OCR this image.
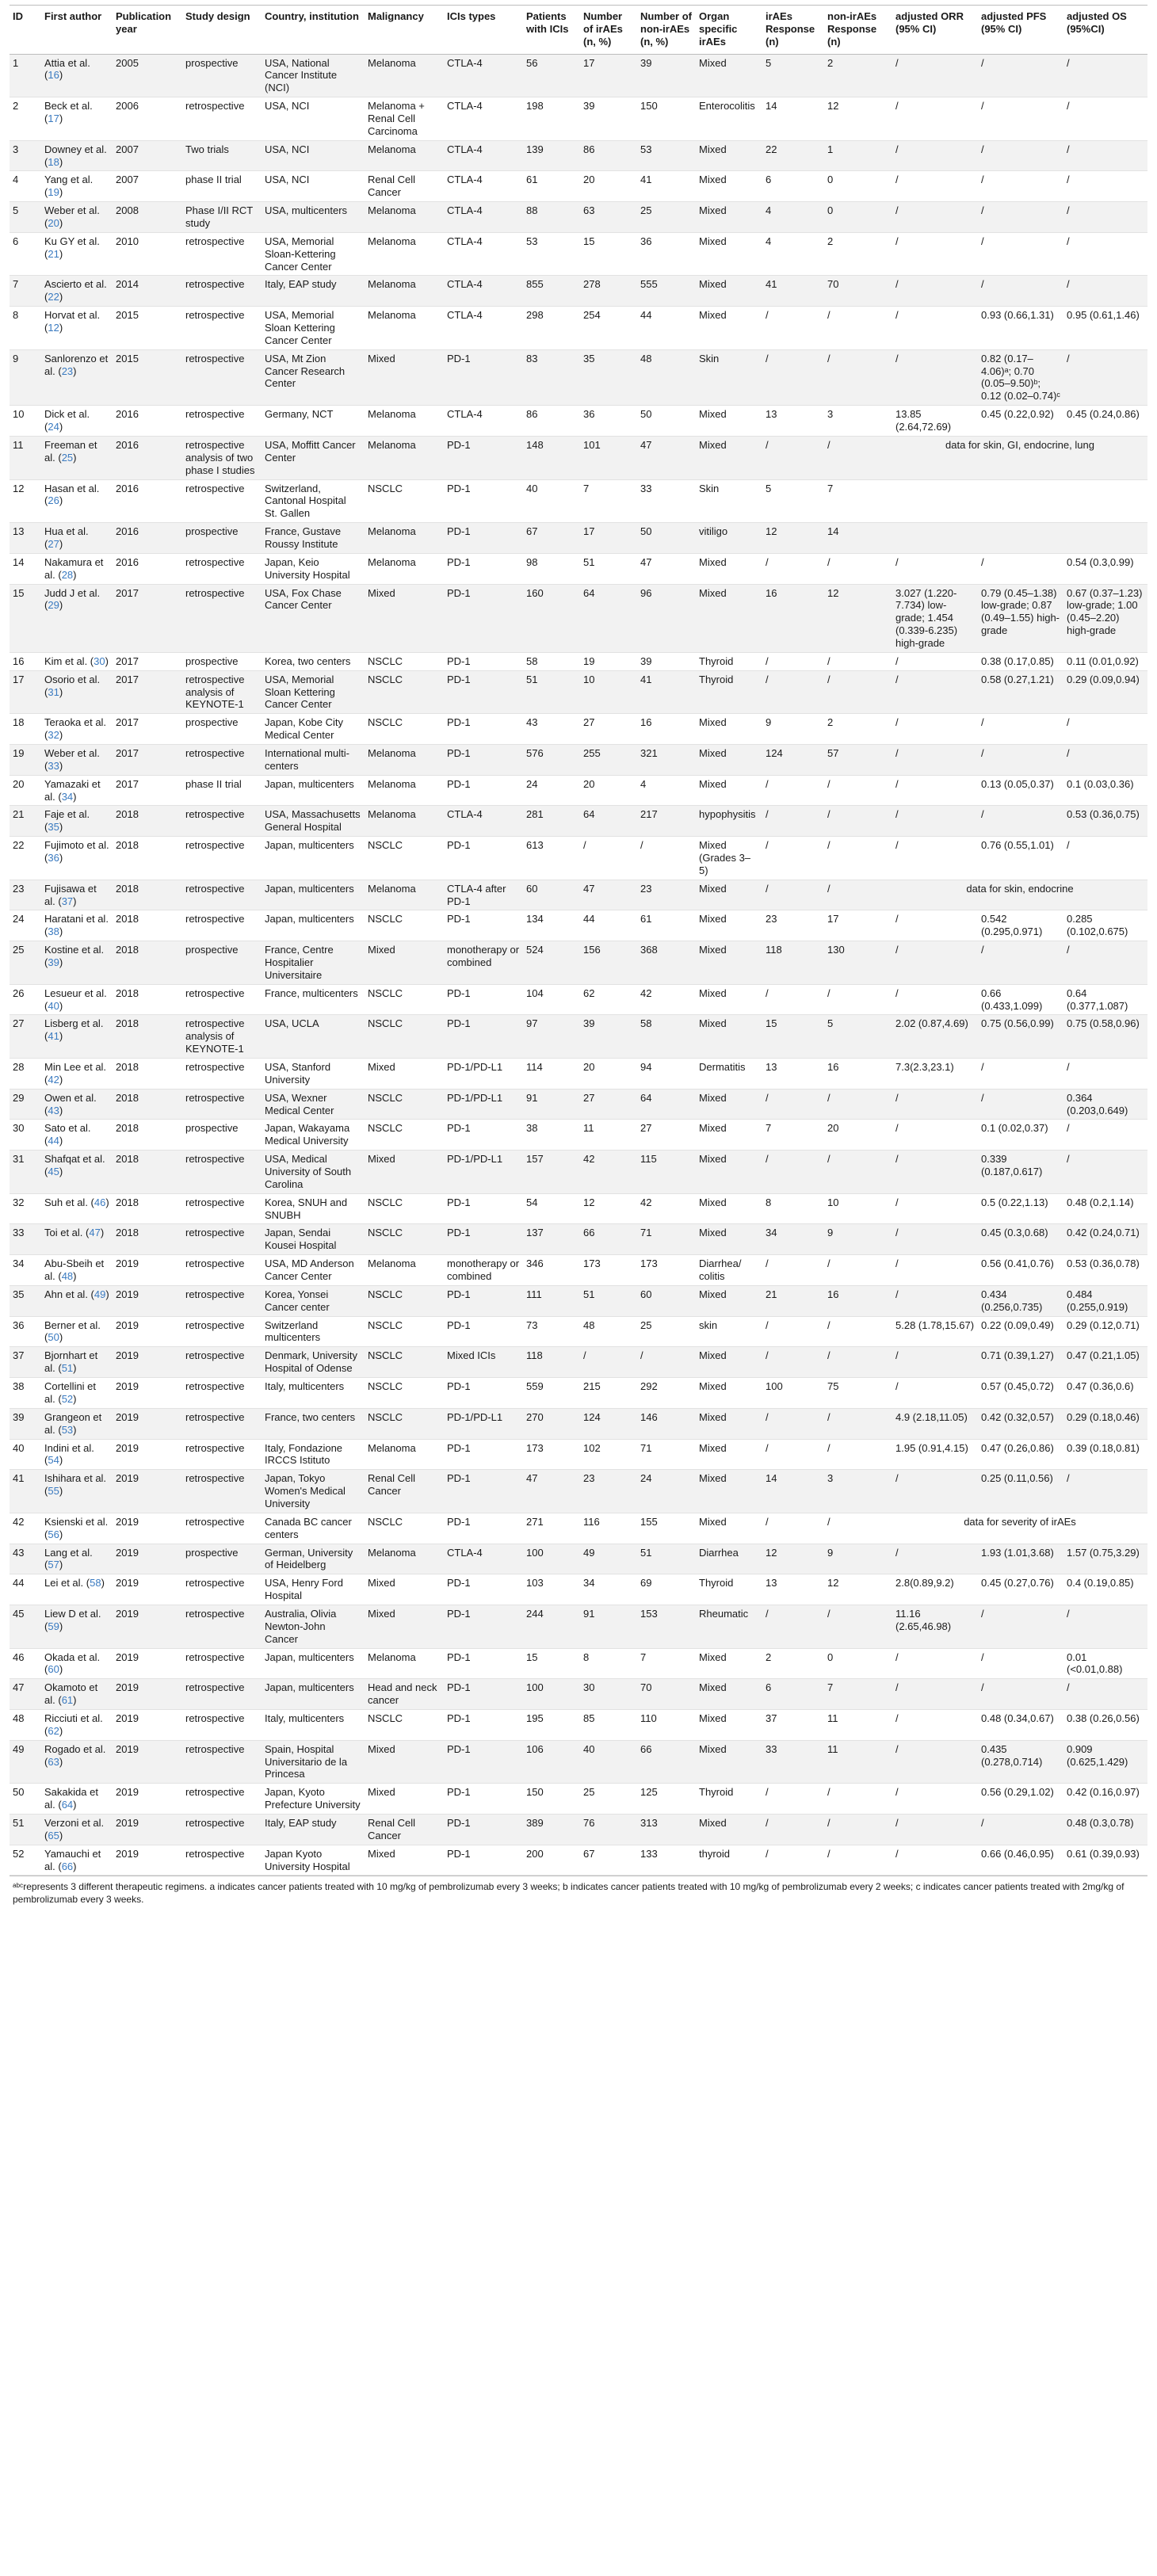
ID	First author	Publication year	Study design	Country, institution	Malignancy	ICIs types	Patients with ICIs	Number of irAEs (n, %)	Number of non-irAEs (n, %)	Organ specific irAEs	irAEs Response (n)	non-irAEs Response (n)	adjusted ORR (95% CI)	adjusted PFS (95% CI)	adjusted OS (95%CI)
1	Attia et al. (16)	2005	prospective	USA, National Cancer Institute (NCI)	Melanoma	CTLA-4	56	17	39	Mixed	5	2	/	/	/
2	Beck et al. (17)	2006	retrospective	USA, NCI	Melanoma + Renal Cell Carcinoma	CTLA-4	198	39	150	Enterocolitis	14	12	/	/	/
3	Downey et al. (18)	2007	Two trials	USA, NCI	Melanoma	CTLA-4	139	86	53	Mixed	22	1	/	/	/
4	Yang et al. (19)	2007	phase II trial	USA, NCI	Renal Cell Cancer	CTLA-4	61	20	41	Mixed	6	0	/	/	/
5	Weber et al. (20)	2008	Phase I/II RCT study	USA, multicenters	Melanoma	CTLA-4	88	63	25	Mixed	4	0	/	/	/
6	Ku GY et al. (21)	2010	retrospective	USA, Memorial Sloan-Kettering Cancer Center	Melanoma	CTLA-4	53	15	36	Mixed	4	2	/	/	/
7	Ascierto et al. (22)	2014	retrospective	Italy, EAP study	Melanoma	CTLA-4	855	278	555	Mixed	41	70	/	/	/
8	Horvat et al. (12)	2015	retrospective	USA, Memorial Sloan Kettering Cancer Center	Melanoma	CTLA-4	298	254	44	Mixed	/	/	/	0.93 (0.66,1.31)	0.95 (0.61,1.46)
9	Sanlorenzo et al. (23)	2015	retrospective	USA, Mt Zion Cancer Research Center	Mixed	PD-1	83	35	48	Skin	/	/	/	0.82 (0.17–4.06)ᵃ; 0.70 (0.05–9.50)ᵇ; 0.12 (0.02–0.74)ᶜ	/
10	Dick et al. (24)	2016	retrospective	Germany, NCT	Melanoma	CTLA-4	86	36	50	Mixed	13	3	13.85 (2.64,72.69)	0.45 (0.22,0.92)	0.45 (0.24,0.86)
11	Freeman et al. (25)	2016	retrospective analysis of two phase I studies	USA, Moffitt Cancer Center	Melanoma	PD-1	148	101	47	Mixed	/	/	data for skin, GI, endocrine, lung		
12	Hasan et al. (26)	2016	retrospective	Switzerland, Cantonal Hospital St. Gallen	NSCLC	PD-1	40	7	33	Skin	5	7			
13	Hua et al. (27)	2016	prospective	France, Gustave Roussy Institute	Melanoma	PD-1	67	17	50	vitiligo	12	14			
14	Nakamura et al. (28)	2016	retrospective	Japan, Keio University Hospital	Melanoma	PD-1	98	51	47	Mixed	/	/	/	/	0.54 (0.3,0.99)
15	Judd J et al. (29)	2017	retrospective	USA, Fox Chase Cancer Center	Mixed	PD-1	160	64	96	Mixed	16	12	3.027 (1.220-7.734) low-grade; 1.454 (0.339-6.235) high-grade	0.79 (0.45–1.38) low-grade; 0.87 (0.49–1.55) high-grade	0.67 (0.37–1.23) low-grade; 1.00 (0.45–2.20) high-grade
16	Kim et al. (30)	2017	prospective	Korea, two centers	NSCLC	PD-1	58	19	39	Thyroid	/	/	/	0.38 (0.17,0.85)	0.11 (0.01,0.92)
17	Osorio et al. (31)	2017	retrospective analysis of KEYNOTE-1	USA, Memorial Sloan Kettering Cancer Center	NSCLC	PD-1	51	10	41	Thyroid	/	/	/	0.58 (0.27,1.21)	0.29 (0.09,0.94)
18	Teraoka et al. (32)	2017	prospective	Japan, Kobe City Medical Center	NSCLC	PD-1	43	27	16	Mixed	9	2	/	/	/
19	Weber et al. (33)	2017	retrospective	International multi-centers	Melanoma	PD-1	576	255	321	Mixed	124	57	/	/	/
20	Yamazaki et al. (34)	2017	phase II trial	Japan, multicenters	Melanoma	PD-1	24	20	4	Mixed	/	/	/	0.13 (0.05,0.37)	0.1 (0.03,0.36)
21	Faje et al. (35)	2018	retrospective	USA, Massachusetts General Hospital	Melanoma	CTLA-4	281	64	217	hypophysitis	/	/	/	/	0.53 (0.36,0.75)
22	Fujimoto et al. (36)	2018	retrospective	Japan, multicenters	NSCLC	PD-1	613	/	/	Mixed (Grades 3–5)	/	/	/	0.76 (0.55,1.01)	/
23	Fujisawa et al. (37)	2018	retrospective	Japan, multicenters	Melanoma	CTLA-4 after PD-1	60	47	23	Mixed	/	/	data for skin, endocrine		
24	Haratani et al. (38)	2018	retrospective	Japan, multicenters	NSCLC	PD-1	134	44	61	Mixed	23	17	/	0.542 (0.295,0.971)	0.285 (0.102,0.675)
25	Kostine et al. (39)	2018	prospective	France, Centre Hospitalier Universitaire	Mixed	monotherapy or combined	524	156	368	Mixed	118	130	/	/	/
26	Lesueur et al. (40)	2018	retrospective	France, multicenters	NSCLC	PD-1	104	62	42	Mixed	/	/	/	0.66 (0.433,1.099)	0.64 (0.377,1.087)
27	Lisberg et al. (41)	2018	retrospective analysis of KEYNOTE-1	USA, UCLA	NSCLC	PD-1	97	39	58	Mixed	15	5	2.02 (0.87,4.69)	0.75 (0.56,0.99)	0.75 (0.58,0.96)
28	Min Lee et al. (42)	2018	retrospective	USA, Stanford University	Mixed	PD-1/PD-L1	114	20	94	Dermatitis	13	16	7.3(2.3,23.1)	/	/
29	Owen et al. (43)	2018	retrospective	USA, Wexner Medical Center	NSCLC	PD-1/PD-L1	91	27	64	Mixed	/	/	/	/	0.364 (0.203,0.649)
30	Sato et al. (44)	2018	prospective	Japan, Wakayama Medical University	NSCLC	PD-1	38	11	27	Mixed	7	20	/	0.1 (0.02,0.37)	/
31	Shafqat et al. (45)	2018	retrospective	USA, Medical University of South Carolina	Mixed	PD-1/PD-L1	157	42	115	Mixed	/	/	/	0.339 (0.187,0.617)	/
32	Suh et al. (46)	2018	retrospective	Korea, SNUH and SNUBH	NSCLC	PD-1	54	12	42	Mixed	8	10	/	0.5 (0.22,1.13)	0.48 (0.2,1.14)
33	Toi et al. (47)	2018	retrospective	Japan, Sendai Kousei Hospital	NSCLC	PD-1	137	66	71	Mixed	34	9	/	0.45 (0.3,0.68)	0.42 (0.24,0.71)
34	Abu-Sbeih et al. (48)	2019	retrospective	USA, MD Anderson Cancer Center	Melanoma	monotherapy or combined	346	173	173	Diarrhea/ colitis	/	/	/	0.56 (0.41,0.76)	0.53 (0.36,0.78)
35	Ahn et al. (49)	2019	retrospective	Korea, Yonsei Cancer center	NSCLC	PD-1	111	51	60	Mixed	21	16	/	0.434 (0.256,0.735)	0.484 (0.255,0.919)
36	Berner et al. (50)	2019	retrospective	Switzerland multicenters	NSCLC	PD-1	73	48	25	skin	/	/	5.28 (1.78,15.67)	0.22 (0.09,0.49)	0.29 (0.12,0.71)
37	Bjornhart et al. (51)	2019	retrospective	Denmark, University Hospital of Odense	NSCLC	Mixed ICIs	118	/	/	Mixed	/	/	/	0.71 (0.39,1.27)	0.47 (0.21,1.05)
38	Cortellini et al. (52)	2019	retrospective	Italy, multicenters	NSCLC	PD-1	559	215	292	Mixed	100	75	/	0.57 (0.45,0.72)	0.47 (0.36,0.6)
39	Grangeon et al. (53)	2019	retrospective	France, two centers	NSCLC	PD-1/PD-L1	270	124	146	Mixed	/	/	4.9 (2.18,11.05)	0.42 (0.32,0.57)	0.29 (0.18,0.46)
40	Indini et al. (54)	2019	retrospective	Italy, Fondazione IRCCS Istituto	Melanoma	PD-1	173	102	71	Mixed	/	/	1.95 (0.91,4.15)	0.47 (0.26,0.86)	0.39 (0.18,0.81)
41	Ishihara et al. (55)	2019	retrospective	Japan, Tokyo Women's Medical University	Renal Cell Cancer	PD-1	47	23	24	Mixed	14	3	/	0.25 (0.11,0.56)	/
42	Ksienski et al. (56)	2019	retrospective	Canada BC cancer centers	NSCLC	PD-1	271	116	155	Mixed	/	/	data for severity of irAEs		
43	Lang et al. (57)	2019	prospective	German, University of Heidelberg	Melanoma	CTLA-4	100	49	51	Diarrhea	12	9	/	1.93 (1.01,3.68)	1.57 (0.75,3.29)
44	Lei et al. (58)	2019	retrospective	USA, Henry Ford Hospital	Mixed	PD-1	103	34	69	Thyroid	13	12	2.8(0.89,9.2)	0.45 (0.27,0.76)	0.4 (0.19,0.85)
45	Liew D et al. (59)	2019	retrospective	Australia, Olivia Newton-John Cancer	Mixed	PD-1	244	91	153	Rheumatic	/	/	11.16 (2.65,46.98)	/	/
46	Okada et al. (60)	2019	retrospective	Japan, multicenters	Melanoma	PD-1	15	8	7	Mixed	2	0	/	/	0.01 (<0.01,0.88)
47	Okamoto et al. (61)	2019	retrospective	Japan, multicenters	Head and neck cancer	PD-1	100	30	70	Mixed	6	7	/	/	/
48	Ricciuti et al. (62)	2019	retrospective	Italy, multicenters	NSCLC	PD-1	195	85	110	Mixed	37	11	/	0.48 (0.34,0.67)	0.38 (0.26,0.56)
49	Rogado et al. (63)	2019	retrospective	Spain, Hospital Universitario de la Princesa	Mixed	PD-1	106	40	66	Mixed	33	11	/	0.435 (0.278,0.714)	0.909 (0.625,1.429)
50	Sakakida et al. (64)	2019	retrospective	Japan, Kyoto Prefecture University	Mixed	PD-1	150	25	125	Thyroid	/	/	/	0.56 (0.29,1.02)	0.42 (0.16,0.97)
51	Verzoni et al. (65)	2019	retrospective	Italy, EAP study	Renal Cell Cancer	PD-1	389	76	313	Mixed	/	/	/	/	0.48 (0.3,0.78)
52	Yamauchi et al. (66)	2019	retrospective	Japan Kyoto University Hospital	Mixed	PD-1	200	67	133	thyroid	/	/	/	0.66 (0.46,0.95)	0.61 (0.39,0.93)
ᵃᵇᶜrepresents 3 different therapeutic regimens. a indicates cancer patients treated with 10 mg/kg of pembrolizumab every 3 weeks; b indicates cancer patients treated with 10 mg/kg of pembrolizumab every 2 weeks; c indicates cancer patients treated with 2mg/kg of pembrolizumab every 3 weeks.
